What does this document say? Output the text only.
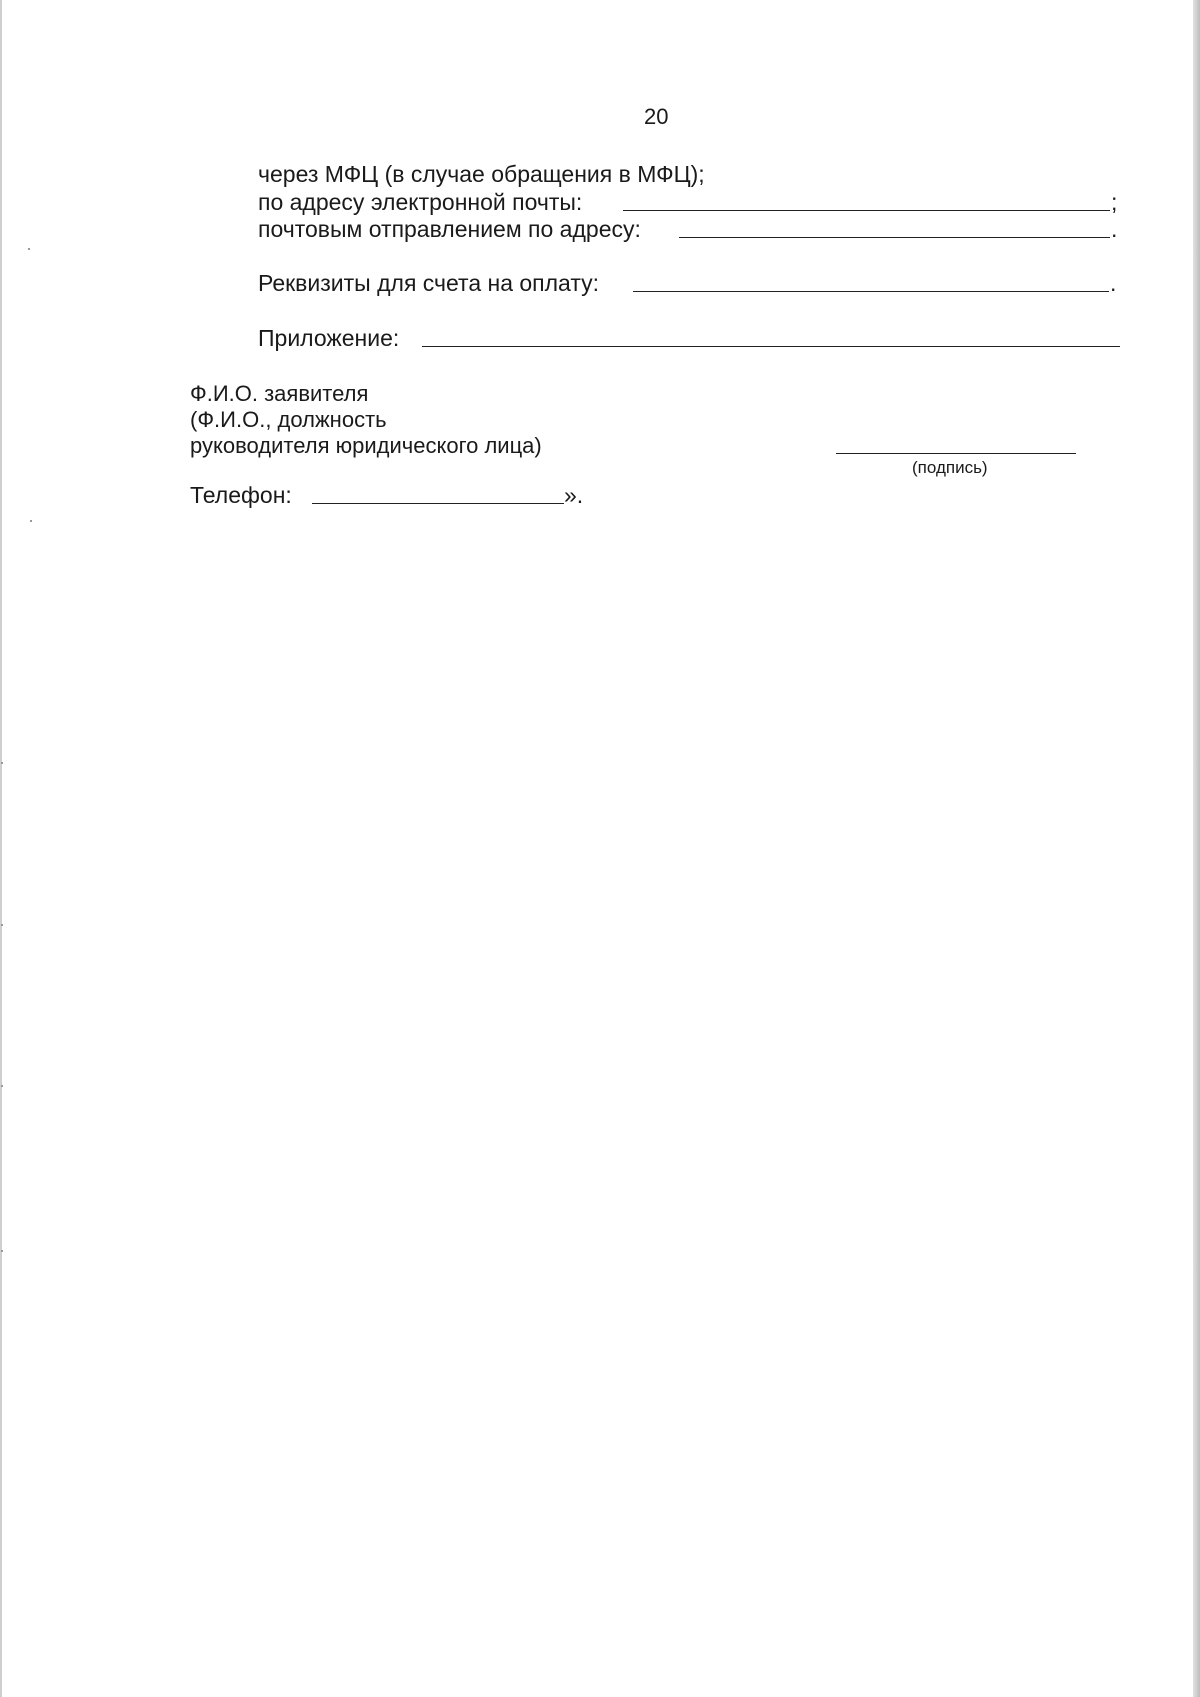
20
через МФЦ (в случае обращения в МФЦ);
по адресу электронной почты:	;
почтовым отправлением по адресу:	.
Реквизиты для счета на оплату:	.
Приложение:
Ф.И.О. заявителя
(Ф.И.О., должность
руководителя юридического лица)
(подпись)
Телефон:	».
